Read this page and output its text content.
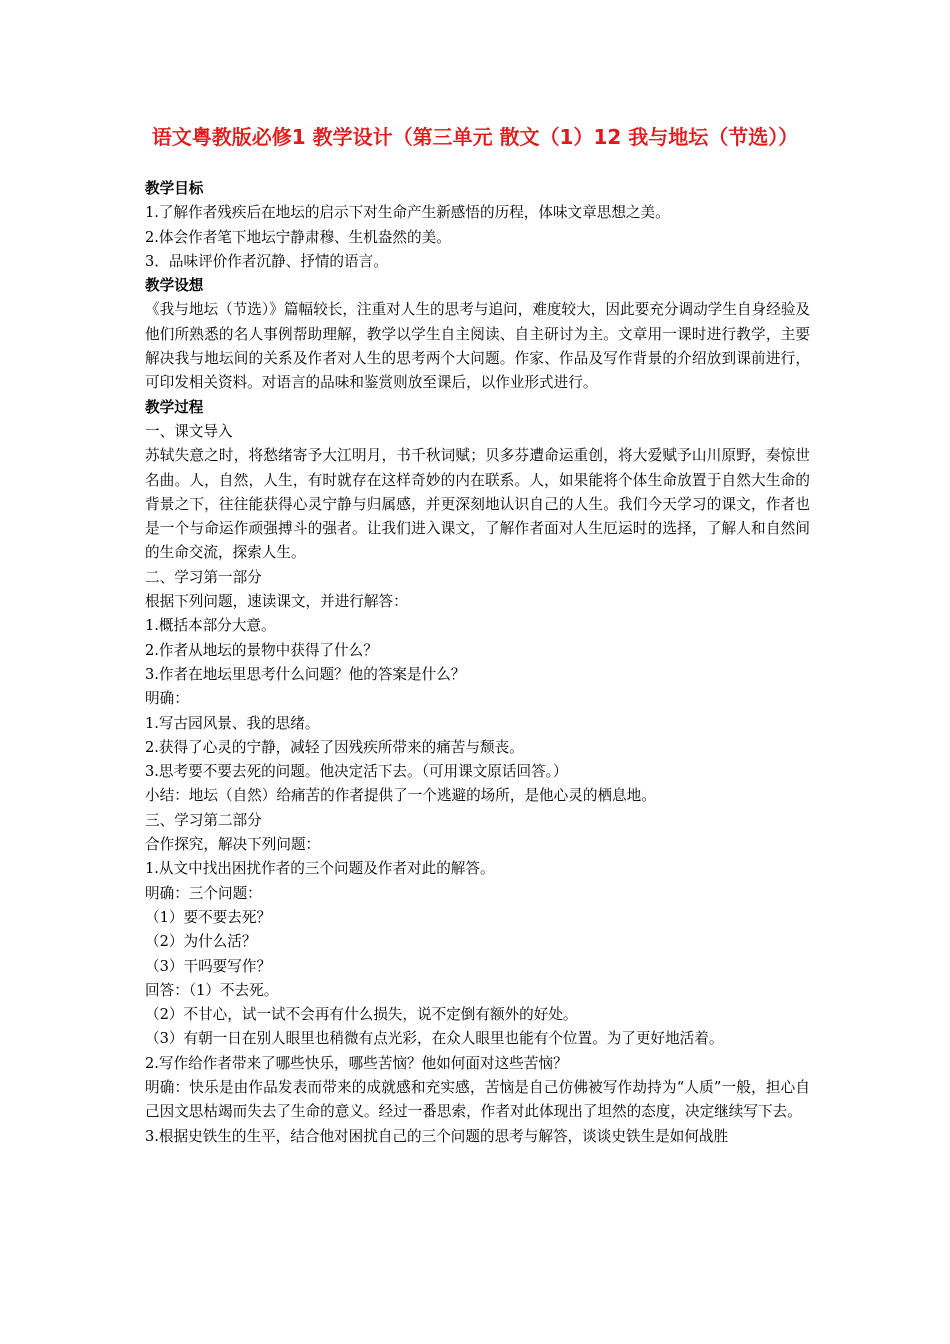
语文粤教版必修1 教学设计（第三单元 散文（1）12 我与地坛（节选））
教学目标
1.了解作者残疾后在地坛的启示下对生命产生新感悟的历程，体味文章思想之美。
2.体会作者笔下地坛宁静肃穆、生机盎然的美。
3．品味评价作者沉静、抒情的语言。
教学设想
《我与地坛（节选）》篇幅较长，注重对人生的思考与追问，难度较大，因此要充分调动学生自身经验及他们所熟悉的名人事例帮助理解，教学以学生自主阅读、自主研讨为主。文章用一课时进行教学，主要解决我与地坛间的关系及作者对人生的思考两个大问题。作家、作品及写作背景的介绍放到课前进行，可印发相关资料。对语言的品味和鉴赏则放至课后，以作业形式进行。
教学过程
一、课文导入
苏轼失意之时，将愁绪寄予大江明月，书千秋词赋；贝多芬遭命运重创，将大爱赋予山川原野，奏惊世名曲。人，自然，人生，有时就存在这样奇妙的内在联系。人，如果能将个体生命放置于自然大生命的背景之下，往往能获得心灵宁静与归属感，并更深刻地认识自己的人生。我们今天学习的课文，作者也是一个与命运作顽强搏斗的强者。让我们进入课文，了解作者面对人生厄运时的选择，了解人和自然间的生命交流，探索人生。
二、学习第一部分
根据下列问题，速读课文，并进行解答：
1.概括本部分大意。
2.作者从地坛的景物中获得了什么？
3.作者在地坛里思考什么问题？他的答案是什么？
明确：
1.写古园风景、我的思绪。
2.获得了心灵的宁静，减轻了因残疾所带来的痛苦与颓丧。
3.思考要不要去死的问题。他决定活下去。（可用课文原话回答。）
小结：地坛（自然）给痛苦的作者提供了一个逃避的场所，是他心灵的栖息地。
三、学习第二部分
合作探究，解决下列问题：
1.从文中找出困扰作者的三个问题及作者对此的解答。
明确：三个问题：
（1）要不要去死？
（2）为什么活？
（3）干吗要写作？
回答：（1）不去死。
（2）不甘心，试一试不会再有什么损失，说不定倒有额外的好处。
（3）有朝一日在别人眼里也稍微有点光彩，在众人眼里也能有个位置。为了更好地活着。
2.写作给作者带来了哪些快乐，哪些苦恼？他如何面对这些苦恼？
明确：快乐是由作品发表而带来的成就感和充实感，苦恼是自己仿佛被写作劫持为“人质”一般，担心自己因文思枯竭而失去了生命的意义。经过一番思索，作者对此体现出了坦然的态度，决定继续写下去。
3.根据史铁生的生平，结合他对困扰自己的三个问题的思考与解答，谈谈史铁生是如何战胜
